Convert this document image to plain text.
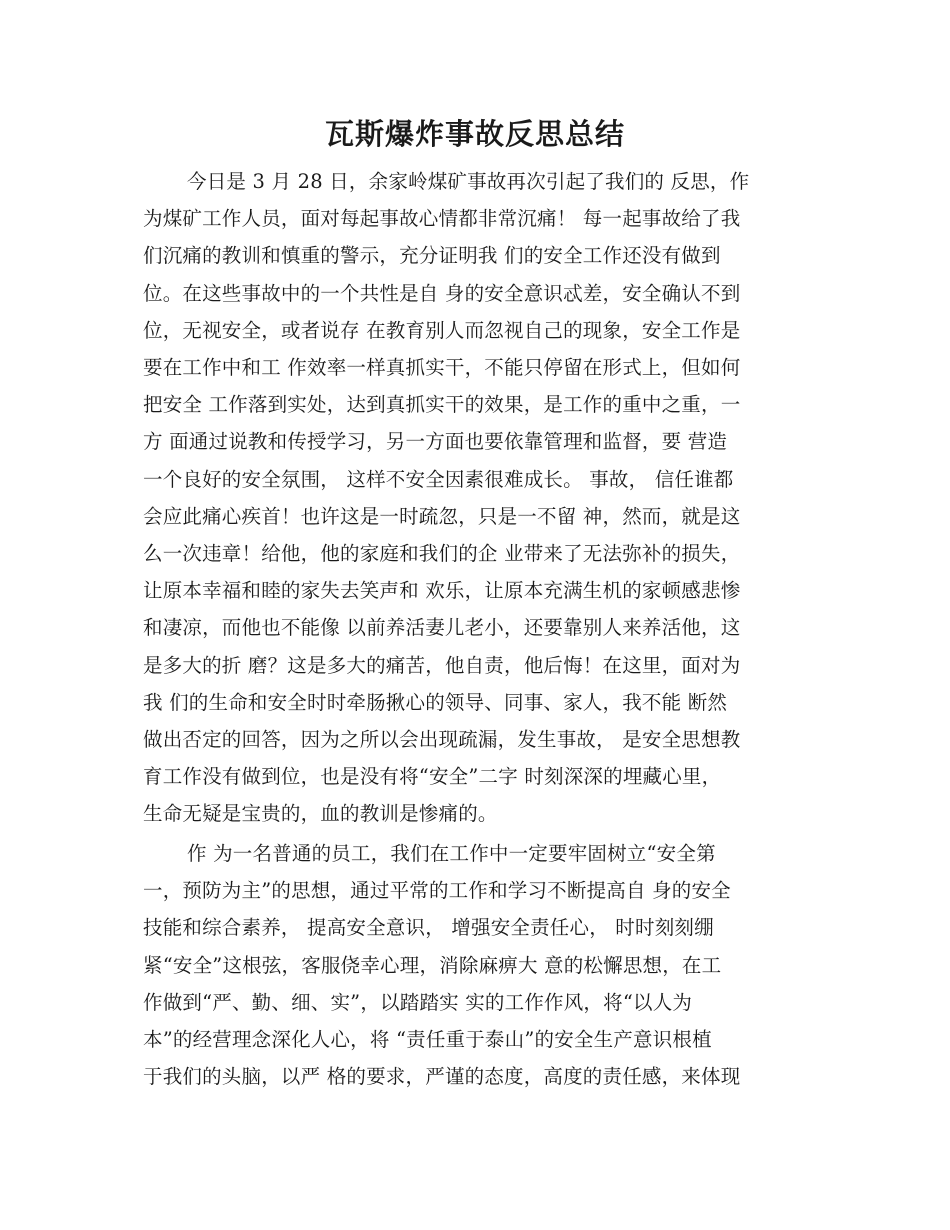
瓦斯爆炸事故反思总结
今日是 3 月 28 日，余家岭煤矿事故再次引起了我们的 反思，作
为煤矿工作人员，面对每起事故心情都非常沉痛！ 每一起事故给了我
们沉痛的教训和慎重的警示，充分证明我 们的安全工作还没有做到
位。在这些事故中的一个共性是自 身的安全意识忒差，安全确认不到
位，无视安全，或者说存 在教育别人而忽视自己的现象，安全工作是
要在工作中和工 作效率一样真抓实干，不能只停留在形式上，但如何
把安全 工作落到实处，达到真抓实干的效果，是工作的重中之重，一
方 面通过说教和传授学习，另一方面也要依靠管理和监督，要 营造
一个良好的安全氛围， 这样不安全因素很难成长。 事故， 信任谁都
会应此痛心疾首！也许这是一时疏忽，只是一不留 神，然而，就是这
么一次违章！给他，他的家庭和我们的企 业带来了无法弥补的损失，
让原本幸福和睦的家失去笑声和 欢乐，让原本充满生机的家顿感悲惨
和凄凉，而他也不能像 以前养活妻儿老小，还要靠别人来养活他，这
是多大的折 磨？这是多大的痛苦，他自责，他后悔！在这里，面对为
我 们的生命和安全时时牵肠揪心的领导、同事、家人，我不能 断然
做出否定的回答，因为之所以会出现疏漏，发生事故， 是安全思想教
育工作没有做到位，也是没有将“安全”二字 时刻深深的埋藏心里，
生命无疑是宝贵的，血的教训是惨痛的。
作 为一名普通的员工，我们在工作中一定要牢固树立“安全第
一，预防为主”的思想，通过平常的工作和学习不断提高自 身的安全
技能和综合素养， 提高安全意识， 增强安全责任心， 时时刻刻绷
紧“安全”这根弦，客服侥幸心理，消除麻痹大 意的松懈思想，在工
作做到“严、勤、细、实”，以踏踏实 实的工作作风，将“以人为
本”的经营理念深化人心，将 “责任重于泰山”的安全生产意识根植
于我们的头脑，以严 格的要求，严谨的态度，高度的责任感，来体现
